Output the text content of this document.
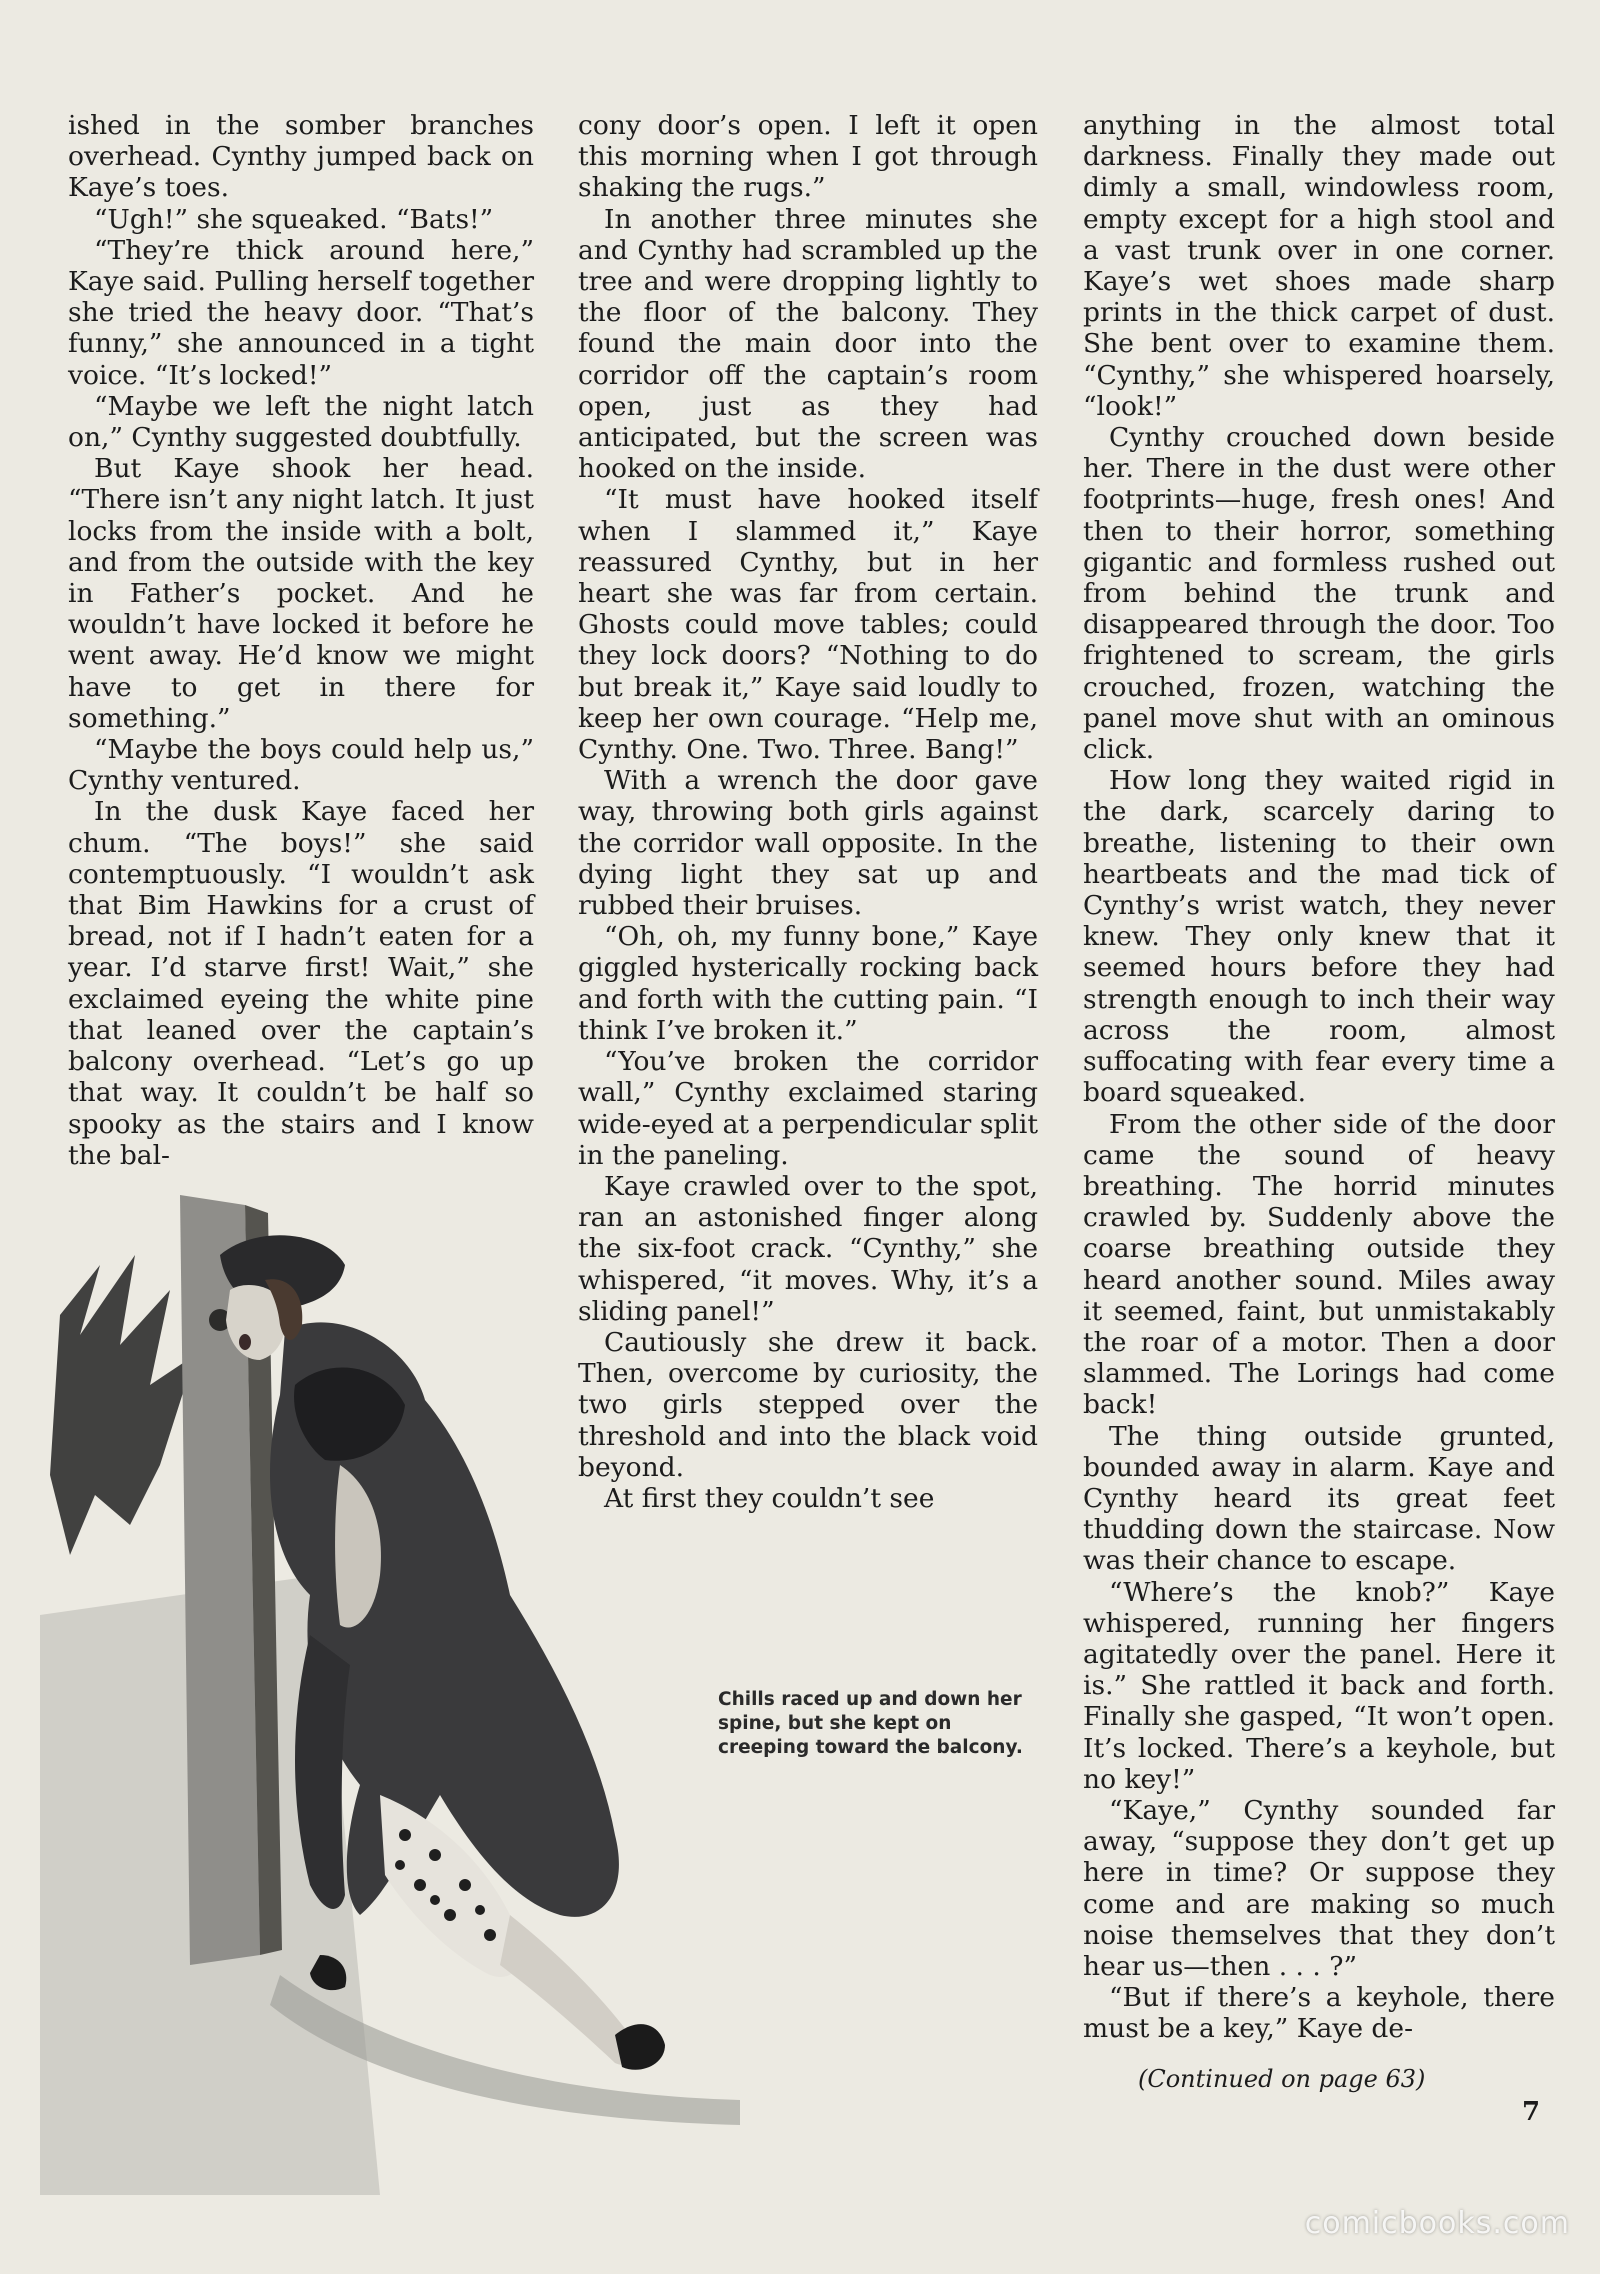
ished in the somber branches overhead. Cynthy jumped back on Kaye’s toes.

“Ugh!” she squeaked. “Bats!”

“They’re thick around here,” Kaye said. Pulling herself together she tried the heavy door. “That’s funny,” she announced in a tight voice. “It’s locked!”

“Maybe we left the night latch on,” Cynthy suggested doubtfully.

But Kaye shook her head. “There isn’t any night latch. It just locks from the inside with a bolt, and from the outside with the key in Father’s pocket. And he wouldn’t have locked it before he went away. He’d know we might have to get in there for something.”

“Maybe the boys could help us,” Cynthy ventured.

In the dusk Kaye faced her chum. “The boys!” she said contemptuously. “I wouldn’t ask that Bim Hawkins for a crust of bread, not if I hadn’t eaten for a year. I’d starve first! Wait,” she exclaimed eyeing the white pine that leaned over the captain’s balcony overhead. “Let’s go up that way. It couldn’t be half so spooky as the stairs and I know the bal-

cony door’s open. I left it open this morning when I got through shaking the rugs.”

In another three minutes she and Cynthy had scrambled up the tree and were dropping lightly to the floor of the balcony. They found the main door into the corridor off the captain’s room open, just as they had anticipated, but the screen was hooked on the inside.

“It must have hooked itself when I slammed it,” Kaye reassured Cynthy, but in her heart she was far from certain. Ghosts could move tables; could they lock doors? “Nothing to do but break it,” Kaye said loudly to keep her own courage. “Help me, Cynthy. One. Two. Three. Bang!”

With a wrench the door gave way, throwing both girls against the corridor wall opposite. In the dying light they sat up and rubbed their bruises.

“Oh, oh, my funny bone,” Kaye giggled hysterically rocking back and forth with the cutting pain. “I think I’ve broken it.”

“You’ve broken the corridor wall,” Cynthy exclaimed staring wide-eyed at a perpendicular split in the paneling.

Kaye crawled over to the spot, ran an astonished finger along the six-foot crack. “Cynthy,” she whispered, “it moves. Why, it’s a sliding panel!”

Cautiously she drew it back. Then, overcome by curiosity, the two girls stepped over the threshold and into the black void beyond.

At first they couldn’t see

anything in the almost total darkness. Finally they made out dimly a small, windowless room, empty except for a high stool and a vast trunk over in one corner. Kaye’s wet shoes made sharp prints in the thick carpet of dust. She bent over to examine them. “Cynthy,” she whispered hoarsely, “look!”

Cynthy crouched down beside her. There in the dust were other footprints—huge, fresh ones! And then to their horror, something gigantic and formless rushed out from behind the trunk and disappeared through the door. Too frightened to scream, the girls crouched, frozen, watching the panel move shut with an ominous click.

How long they waited rigid in the dark, scarcely daring to breathe, listening to their own heartbeats and the mad tick of Cynthy’s wrist watch, they never knew. They only knew that it seemed hours before they had strength enough to inch their way across the room, almost suffocating with fear every time a board squeaked.

From the other side of the door came the sound of heavy breathing. The horrid minutes crawled by. Suddenly above the coarse breathing outside they heard another sound. Miles away it seemed, faint, but unmistakably the roar of a motor. Then a door slammed. The Lorings had come back!

The thing outside grunted, bounded away in alarm. Kaye and Cynthy heard its great feet thudding down the staircase. Now was their chance to escape.

“Where’s the knob?” Kaye whispered, running her fingers agitatedly over the panel. Here it is.” She rattled it back and forth. Finally she gasped, “It won’t open. It’s locked. There’s a keyhole, but no key!”

“Kaye,” Cynthy sounded far away, “suppose they don’t get up here in time? Or suppose they come and are making so much noise themselves that they don’t hear us—then . . . ?”

“But if there’s a keyhole, there must be a key,” Kaye de-

Chills raced up and down her spine, but she kept on creeping toward the balcony.
(Continued on page 63)
7
comicbooks.com
